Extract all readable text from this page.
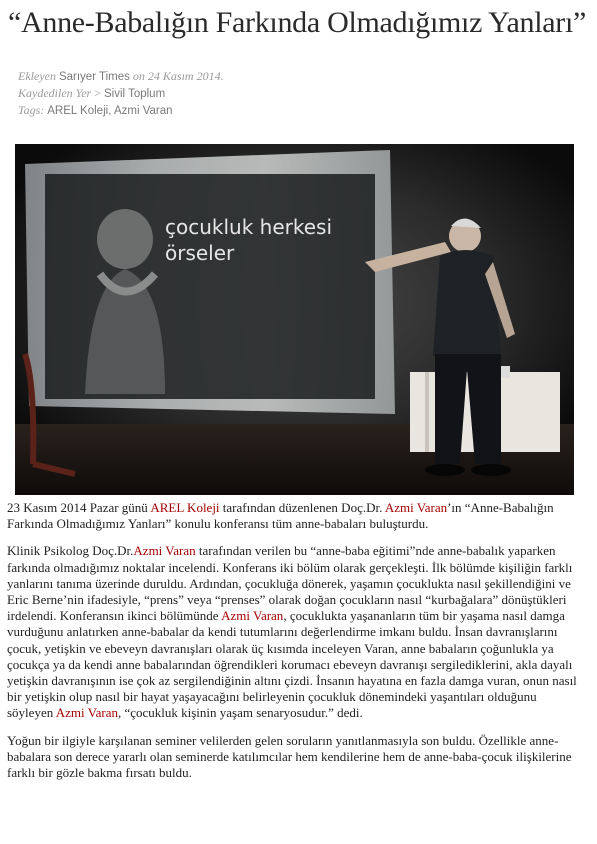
“Anne-Babalığın Farkında Olmadığımız Yanları”
Ekleyen Sarıyer Times on 24 Kasım 2014.
Kaydedilen Yer > Sivil Toplum
Tags: AREL Koleji, Azmi Varan
çocukluk herkesi
örseler

23 Kasım 2014 Pazar günü AREL Koleji tarafından düzenlenen Doç.Dr. Azmi Varan’ın “Anne-Babalığın Farkında Olmadığımız Yanları” konulu konferansı tüm anne-babaları buluşturdu.

Klinik Psikolog Doç.Dr.Azmi Varan tarafından verilen bu “anne-baba eğitimi”nde anne-babalık yaparken farkında olmadığımız noktalar incelendi. Konferans iki bölüm olarak gerçekleşti. İlk bölümde kişiliğin farklı yanlarını tanıma üzerinde duruldu. Ardından, çocukluğa dönerek, yaşamın çocuklukta nasıl şekillendiğini ve Eric Berne’nin ifadesiyle, “prens” veya “prenses” olarak doğan çocukların nasıl “kurbağalara” dönüştükleri irdelendi. Konferansın ikinci bölümünde Azmi Varan, çocuklukta yaşananların tüm bir yaşama nasıl damga vurduğunu anlatırken anne-babalar da kendi tutumlarını değerlendirme imkanı buldu. İnsan davranışlarını çocuk, yetişkin ve ebeveyn davranışları olarak üç kısımda inceleyen Varan, anne babaların çoğunlukla ya çocukça ya da kendi anne babalarından öğrendikleri korumacı ebeveyn davranışı sergilediklerini, akla dayalı yetişkin davranışının ise çok az sergilendiğinin altını çizdi. İnsanın hayatına en fazla damga vuran, onun nasıl bir yetişkin olup nasıl bir hayat yaşayacağını belirleyenin çocukluk dönemindeki yaşantıları olduğunu söyleyen Azmi Varan, “çocukluk kişinin yaşam senaryosudur.” dedi.

Yoğun bir ilgiyle karşılanan seminer velilerden gelen soruların yanıtlanmasıyla son buldu. Özellikle anne-babalara son derece yararlı olan seminerde katılımcılar hem kendilerine hem de anne-baba-çocuk ilişkilerine farklı bir gözle bakma fırsatı buldu.
